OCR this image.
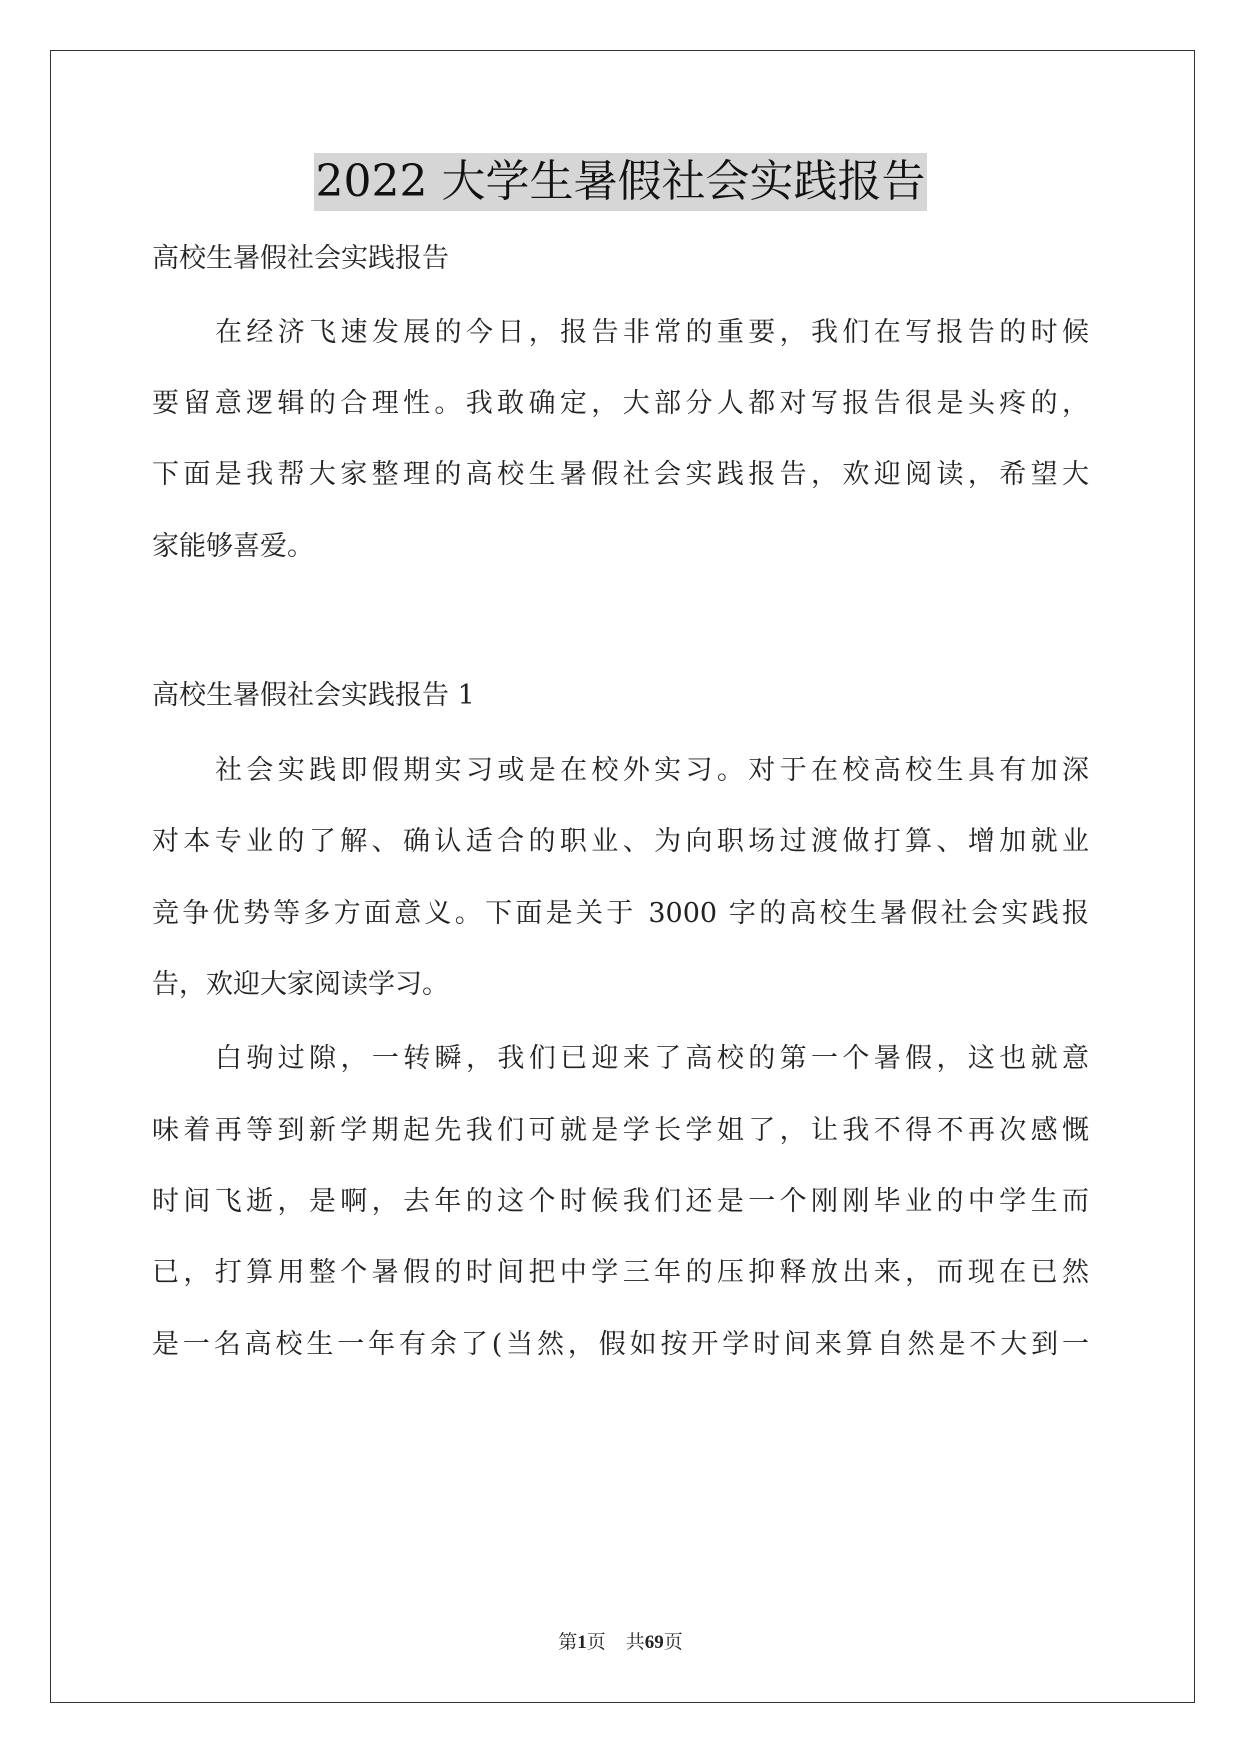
2022 大学生暑假社会实践报告
高校生暑假社会实践报告
在经济飞速发展的今日，报告非常的重要，我们在写报告的时候
要留意逻辑的合理性。我敢确定，大部分人都对写报告很是头疼的，
下面是我帮大家整理的高校生暑假社会实践报告，欢迎阅读，希望大
家能够喜爱。
高校生暑假社会实践报告 1
社会实践即假期实习或是在校外实习。对于在校高校生具有加深
对本专业的了解、确认适合的职业、为向职场过渡做打算、增加就业
竞争优势等多方面意义。下面是关于 3000 字的高校生暑假社会实践报
告，欢迎大家阅读学习。
白驹过隙，一转瞬，我们已迎来了高校的第一个暑假，这也就意
味着再等到新学期起先我们可就是学长学姐了，让我不得不再次感慨
时间飞逝，是啊，去年的这个时候我们还是一个刚刚毕业的中学生而
已，打算用整个暑假的时间把中学三年的压抑释放出来，而现在已然
是一名高校生一年有余了(当然，假如按开学时间来算自然是不大到一
第1页 共69页
